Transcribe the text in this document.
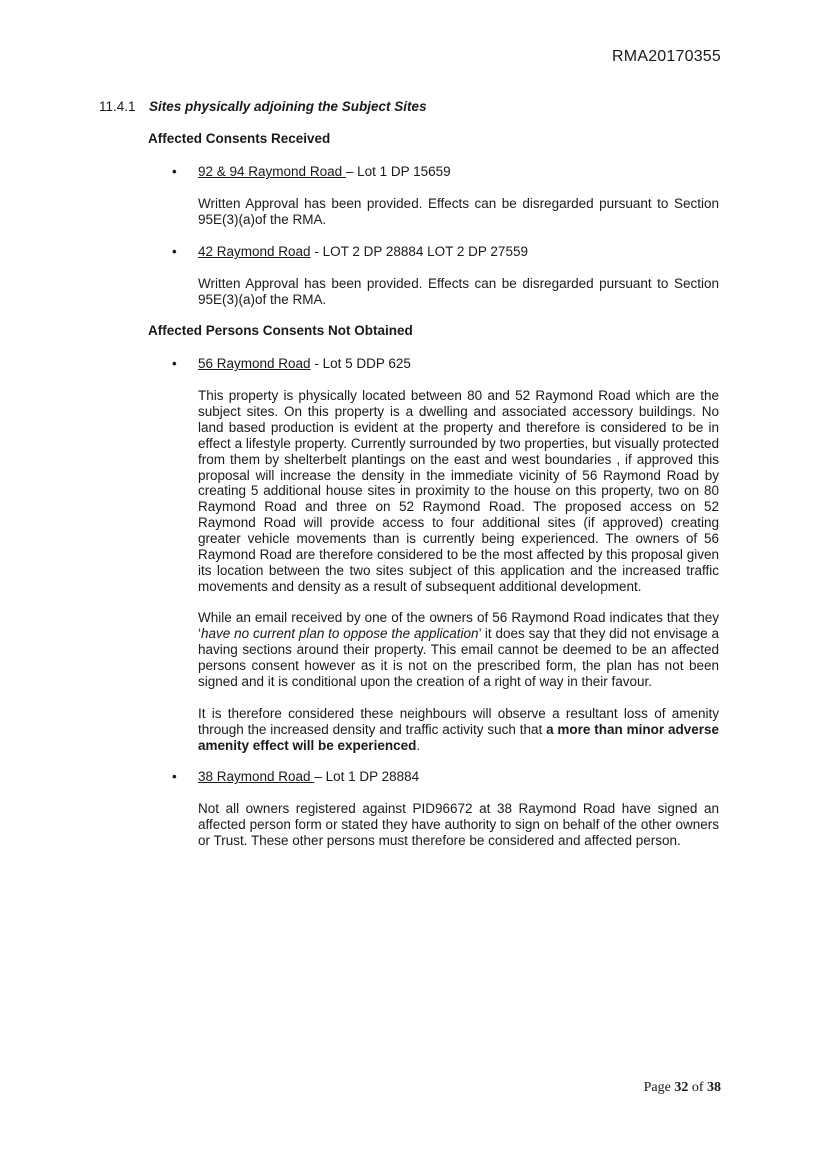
RMA20170355
11.4.1 Sites physically adjoining the Subject Sites
Affected Consents Received
• 92 & 94 Raymond Road – Lot 1 DP 15659
Written Approval has been provided. Effects can be disregarded pursuant to Section 95E(3)(a)of the RMA.
• 42 Raymond Road - LOT 2 DP 28884 LOT 2 DP 27559
Written Approval has been provided. Effects can be disregarded pursuant to Section 95E(3)(a)of the RMA.
Affected Persons Consents Not Obtained
• 56 Raymond Road - Lot 5 DDP 625
This property is physically located between 80 and 52 Raymond Road which are the subject sites. On this property is a dwelling and associated accessory buildings. No land based production is evident at the property and therefore is considered to be in effect a lifestyle property. Currently surrounded by two properties, but visually protected from them by shelterbelt plantings on the east and west boundaries , if approved this proposal will increase the density in the immediate vicinity of 56 Raymond Road by creating 5 additional house sites in proximity to the house on this property, two on 80 Raymond Road and three on 52 Raymond Road. The proposed access on 52 Raymond Road will provide access to four additional sites (if approved) creating greater vehicle movements than is currently being experienced. The owners of 56 Raymond Road are therefore considered to be the most affected by this proposal given its location between the two sites subject of this application and the increased traffic movements and density as a result of subsequent additional development.
While an email received by one of the owners of 56 Raymond Road indicates that they ‘have no current plan to oppose the application’ it does say that they did not envisage a having sections around their property. This email cannot be deemed to be an affected persons consent however as it is not on the prescribed form, the plan has not been signed and it is conditional upon the creation of a right of way in their favour.
It is therefore considered these neighbours will observe a resultant loss of amenity through the increased density and traffic activity such that a more than minor adverse amenity effect will be experienced.
• 38 Raymond Road – Lot 1 DP 28884
Not all owners registered against PID96672 at 38 Raymond Road have signed an affected person form or stated they have authority to sign on behalf of the other owners or Trust. These other persons must therefore be considered and affected person.
Page 32 of 38
